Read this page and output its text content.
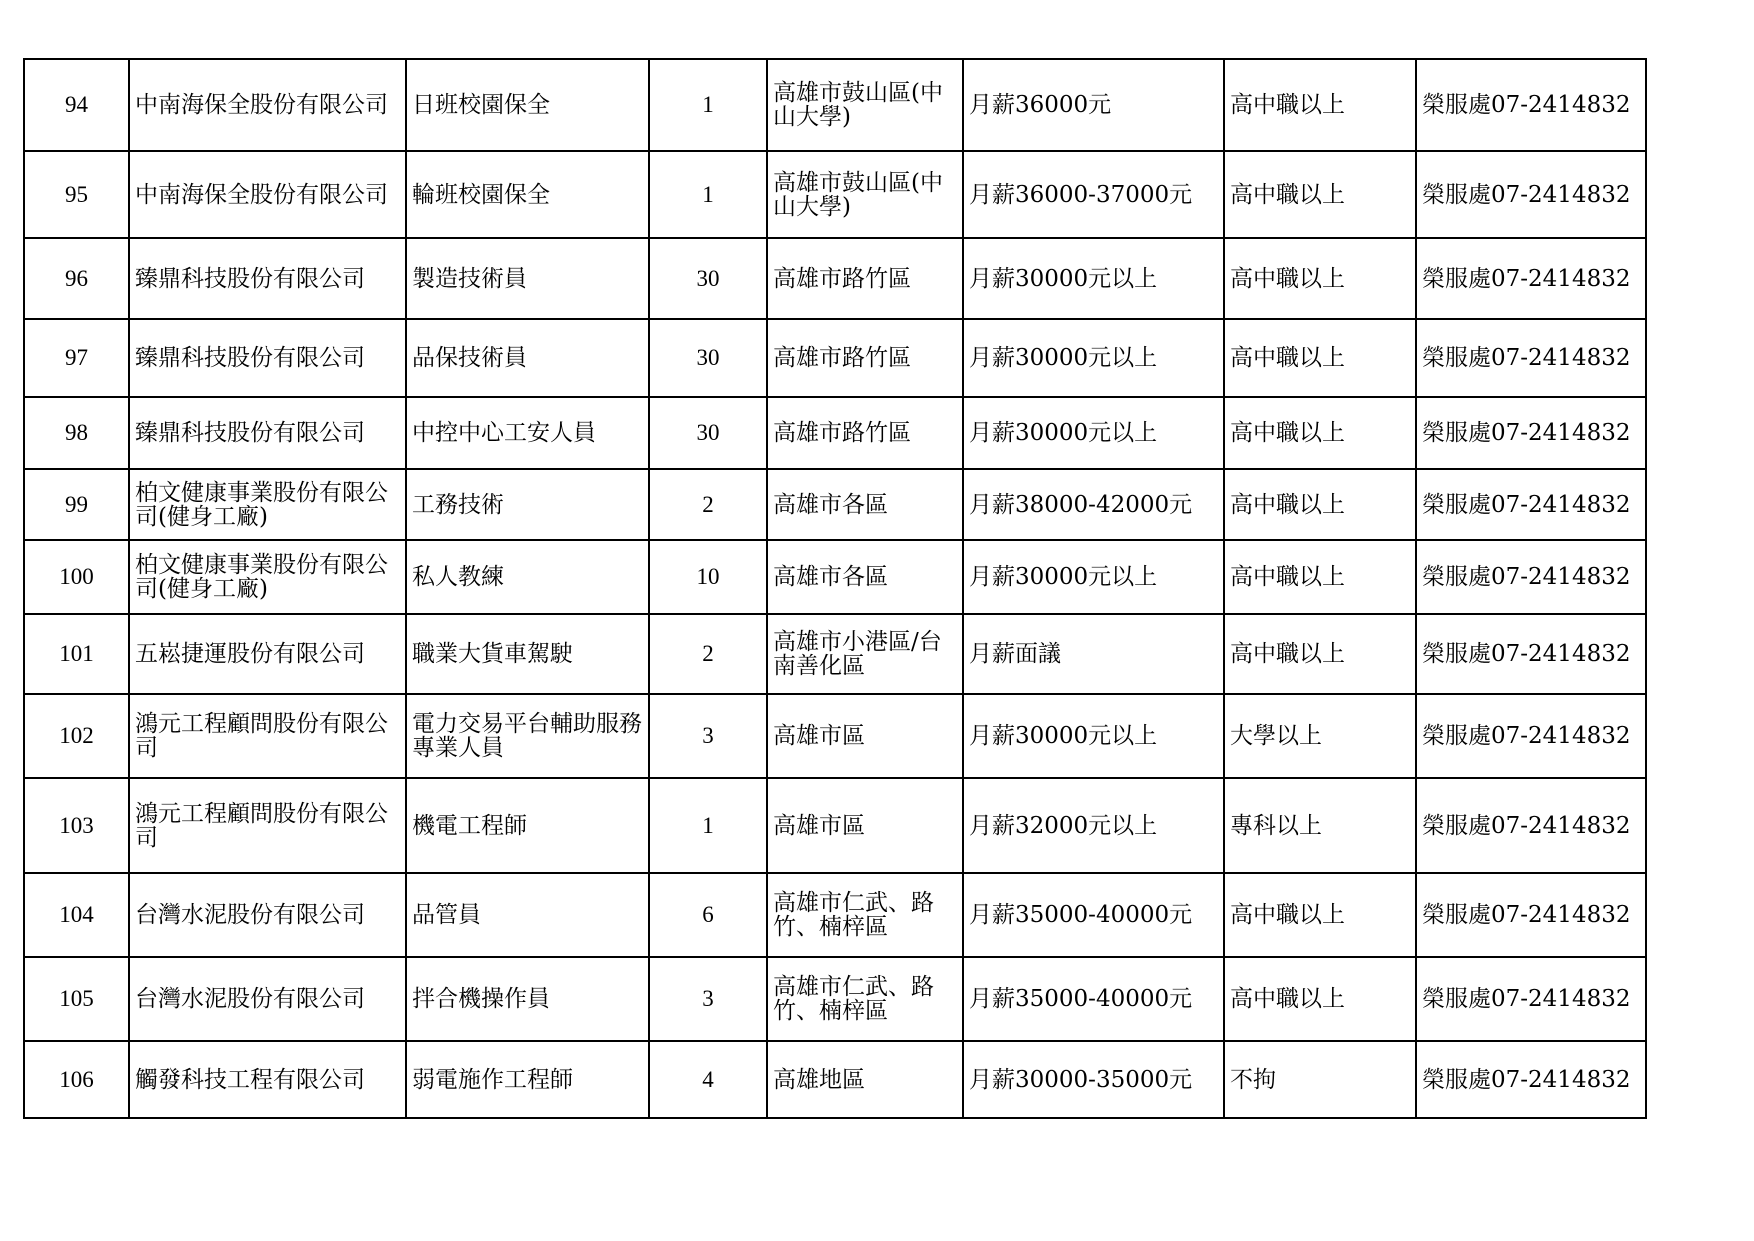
94	中南海保全股份有限公司	日班校園保全	1	高雄市鼓山區(中山大學)	月薪36000元	高中職以上	榮服處07-2414832
95	中南海保全股份有限公司	輪班校園保全	1	高雄市鼓山區(中山大學)	月薪36000-37000元	高中職以上	榮服處07-2414832
96	臻鼎科技股份有限公司	製造技術員	30	高雄市路竹區	月薪30000元以上	高中職以上	榮服處07-2414832
97	臻鼎科技股份有限公司	品保技術員	30	高雄市路竹區	月薪30000元以上	高中職以上	榮服處07-2414832
98	臻鼎科技股份有限公司	中控中心工安人員	30	高雄市路竹區	月薪30000元以上	高中職以上	榮服處07-2414832
99	柏文健康事業股份有限公司(健身工廠)	工務技術	2	高雄市各區	月薪38000-42000元	高中職以上	榮服處07-2414832
100	柏文健康事業股份有限公司(健身工廠)	私人教練	10	高雄市各區	月薪30000元以上	高中職以上	榮服處07-2414832
101	五崧捷運股份有限公司	職業大貨車駕駛	2	高雄市小港區/台南善化區	月薪面議	高中職以上	榮服處07-2414832
102	鴻元工程顧問股份有限公司	電力交易平台輔助服務專業人員	3	高雄市區	月薪30000元以上	大學以上	榮服處07-2414832
103	鴻元工程顧問股份有限公司	機電工程師	1	高雄市區	月薪32000元以上	專科以上	榮服處07-2414832
104	台灣水泥股份有限公司	品管員	6	高雄市仁武、路竹、楠梓區	月薪35000-40000元	高中職以上	榮服處07-2414832
105	台灣水泥股份有限公司	拌合機操作員	3	高雄市仁武、路竹、楠梓區	月薪35000-40000元	高中職以上	榮服處07-2414832
106	觸發科技工程有限公司	弱電施作工程師	4	高雄地區	月薪30000-35000元	不拘	榮服處07-2414832
